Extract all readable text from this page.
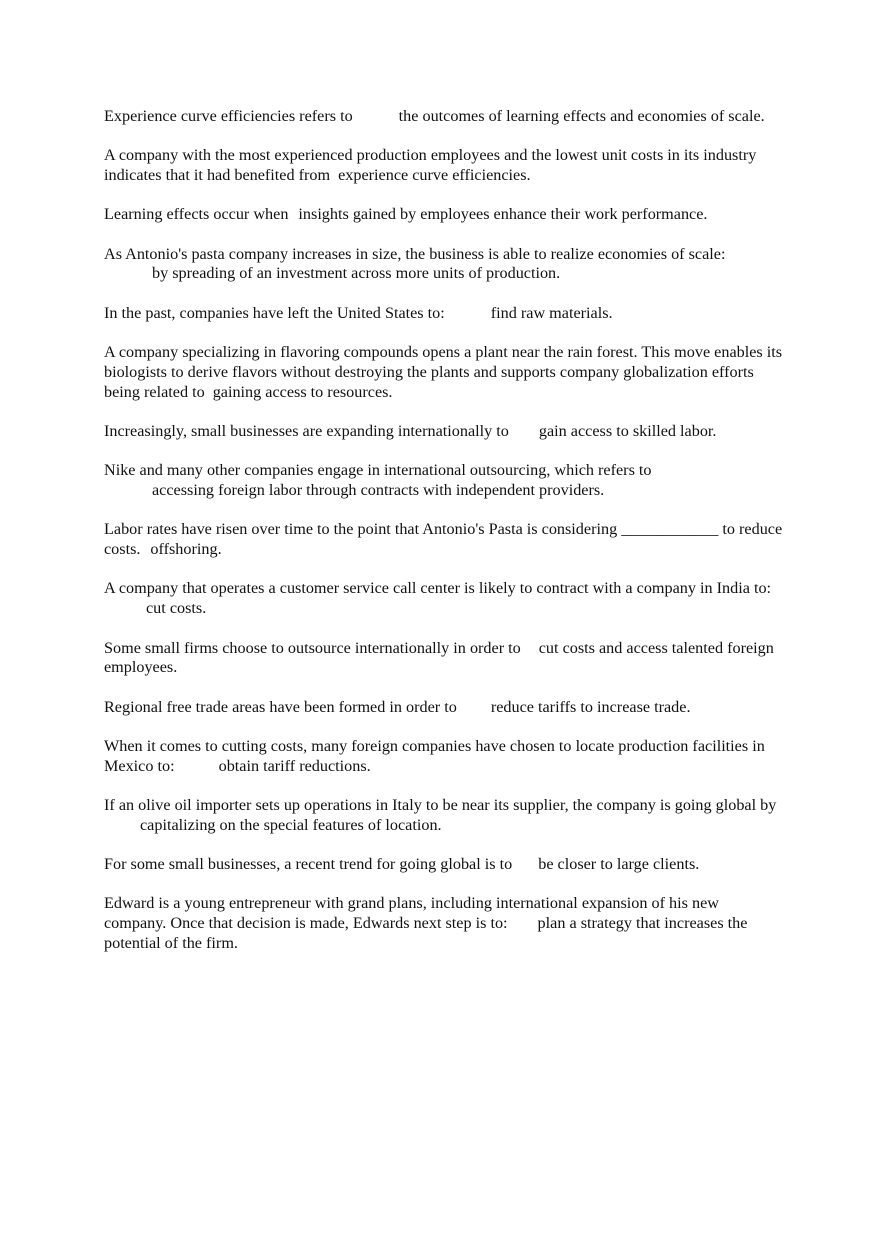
Experience curve efficiencies refers to	the outcomes of learning effects and economies of scale.

A company with the most experienced production employees and the lowest unit costs in its industry indicates that it had benefited from experience curve efficiencies.

Learning effects occur when insights gained by employees enhance their work performance.

As Antonio's pasta company increases in size, the business is able to realize economies of scale:
by spreading of an investment across more units of production.

In the past, companies have left the United States to:	find raw materials.

A company specializing in flavoring compounds opens a plant near the rain forest. This move enables its biologists to derive flavors without destroying the plants and supports company globalization efforts being related to gaining access to resources.

Increasingly, small businesses are expanding internationally to gain access to skilled labor.

Nike and many other companies engage in international outsourcing, which refers to
accessing foreign labor through contracts with independent providers.

Labor rates have risen over time to the point that Antonio's Pasta is considering ____________ to reduce costs. offshoring.

A company that operates a customer service call center is likely to contract with a company in India to:cut costs.

Some small firms choose to outsource internationally in order to cut costs and access talented foreign employees.

Regional free trade areas have been formed in order to reduce tariffs to increase trade.

When it comes to cutting costs, many foreign companies have chosen to locate production facilities in Mexico to:	obtain tariff reductions.

If an olive oil importer sets up operations in Italy to be near its supplier, the company is going global bycapitalizing on the special features of location.

For some small businesses, a recent trend for going global is to be closer to large clients.

Edward is a young entrepreneur with grand plans, including international expansion of his new company. Once that decision is made, Edwards next step is to: plan a strategy that increases the potential of the firm.
